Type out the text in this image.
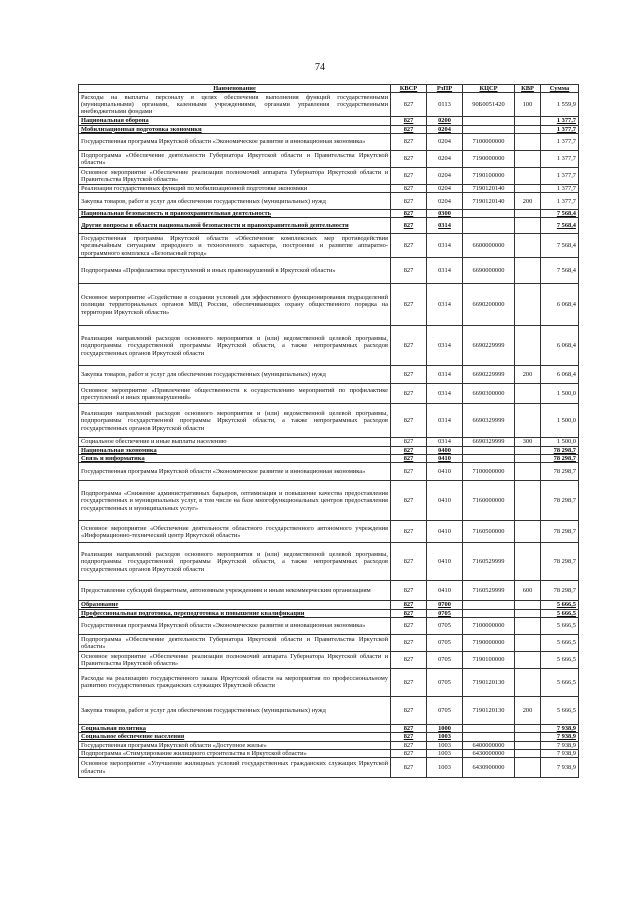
74
Наименование	КВСР	РзПР	КЦСР	КВР	Сумма
Расходы на выплаты персоналу в целях обеспечения выполнения функций государственными (муниципальными) органами, казенными учреждениями, органами управления государственными внебюджетными фондами	827	0113	90Б0051420	100	1 559,9
Национальная оборона	827	0200			1 377,7
Мобилизационная подготовка экономики	827	0204			1 377,7
Государственная программа Иркутской области «Экономическое развитие и инновационная экономика»	827	0204	7100000000		1 377,7
Подпрограмма «Обеспечение деятельности Губернатора Иркутской области и Правительства Иркутской области»	827	0204	7190000000		1 377,7
Основное мероприятие «Обеспечение реализации полномочий аппарата Губернатора Иркутской области и Правительства Иркутской области»	827	0204	7190100000		1 377,7
Реализация государственных функций по мобилизационной подготовке экономики	827	0204	7190120140		1 377,7
Закупка товаров, работ и услуг для обеспечения государственных (муниципальных) нужд	827	0204	7190120140	200	1 377,7
Национальная безопасность и правоохранительная деятельность	827	0300			7 568,4
Другие вопросы в области национальной безопасности и правоохранительной деятельности	827	0314			7 568,4
Государственная программа Иркутской области «Обеспечение комплексных мер противодействия чрезвычайным ситуациям природного и техногенного характера, построение и развитие аппаратно-программного комплекса «Безопасный город»	827	0314	6600000000		7 568,4
Подпрограмма «Профилактика преступлений и иных правонарушений в Иркутской области»	827	0314	6690000000		7 568,4
Основное мероприятие «Содействие в создании условий для эффективного функционирования подразделений полиции территориальных органов МВД России, обеспечивающих охрану общественного порядка на территории Иркутской области»	827	0314	6690200000		6 068,4
Реализация направлений расходов основного мероприятия и (или) ведомственной целевой программы, подпрограммы государственной программы Иркутской области, а также непрограммных расходов государственных органов Иркутской области	827	0314	6690229999		6 068,4
Закупка товаров, работ и услуг для обеспечения государственных (муниципальных) нужд	827	0314	6690229999	200	6 068,4
Основное мероприятие «Привлечение общественности к осуществлению мероприятий по профилактике преступлений и иных правонарушений»	827	0314	6690300000		1 500,0
Реализация направлений расходов основного мероприятия и (или) ведомственной целевой программы, подпрограммы государственной программы Иркутской области, а также непрограммных расходов государственных органов Иркутской области	827	0314	6690329999		1 500,0
Социальное обеспечение и иные выплаты населению	827	0314	6690329999	300	1 500,0
Национальная экономика	827	0400			78 298,7
Связь и информатика	827	0410			78 298,7
Государственная программа Иркутской области «Экономическое развитие и инновационная экономика»	827	0410	7100000000		78 298,7
Подпрограмма «Снижение административных барьеров, оптимизация и повышение качества предоставления государственных и муниципальных услуг, в том числе на базе многофункциональных центров предоставления государственных и муниципальных услуг»	827	0410	7160000000		78 298,7
Основное мероприятие «Обеспечение деятельности областного государственного автономного учреждения «Информационно-технический центр Иркутской области»	827	0410	7160500000		78 298,7
Реализация направлений расходов основного мероприятия и (или) ведомственной целевой программы, подпрограммы государственной программы Иркутской области, а также непрограммных расходов государственных органов Иркутской области	827	0410	7160529999		78 298,7
Предоставление субсидий бюджетным, автономным учреждениям и иным некоммерческим организациям	827	0410	7160529999	600	78 298,7
Образование	827	0700			5 666,5
Профессиональная подготовка, переподготовка и повышение квалификации	827	0705			5 666,5
Государственная программа Иркутской области «Экономическое развитие и инновационная экономика»	827	0705	7100000000		5 666,5
Подпрограмма «Обеспечение деятельности Губернатора Иркутской области и Правительства Иркутской области»	827	0705	7190000000		5 666,5
Основное мероприятие «Обеспечение реализации полномочий аппарата Губернатора Иркутской области и Правительства Иркутской области»	827	0705	7190100000		5 666,5
Расходы на реализацию государственного заказа Иркутской области на мероприятия по профессиональному развитию государственных гражданских служащих Иркутской области	827	0705	7190120130		5 666,5
Закупка товаров, работ и услуг для обеспечения государственных (муниципальных) нужд	827	0705	7190120130	200	5 666,5
Социальная политика	827	1000			7 938,9
Социальное обеспечение населения	827	1003			7 938,9
Государственная программа Иркутской области «Доступное жилье»	827	1003	6400000000		7 938,9
Подпрограмма «Стимулирование жилищного строительства в Иркутской области»	827	1003	6430000000		7 938,9
Основное мероприятие «Улучшение жилищных условий государственных гражданских служащих Иркутской области»	827	1003	6430900000		7 938,9
